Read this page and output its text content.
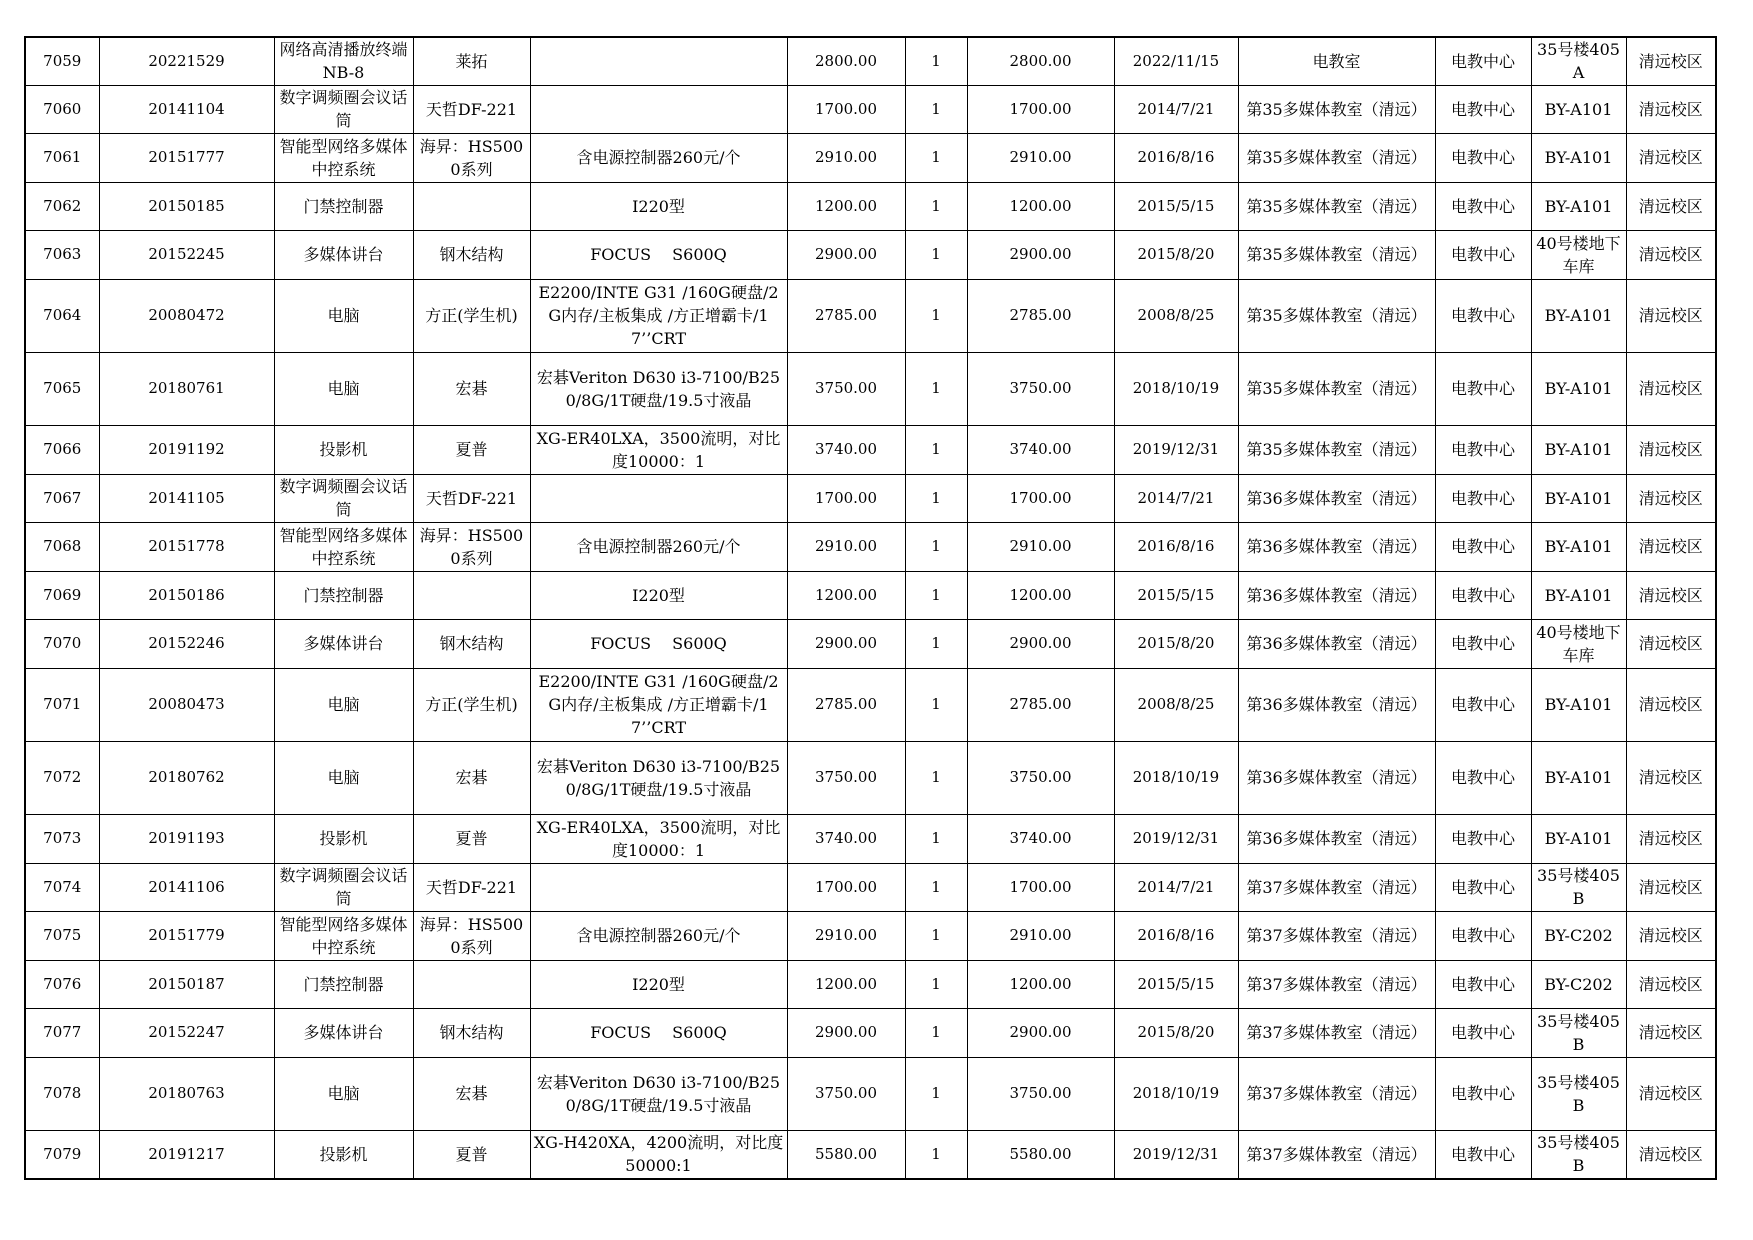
7059	20221529	网络高清播放终端NB-8	莱拓		2800.00	1	2800.00	2022/11/15	电教室	电教中心	35号楼405A	清远校区
7060	20141104	数字调频圈会议话筒	天哲DF-221		1700.00	1	1700.00	2014/7/21	第35多媒体教室（清远）	电教中心	BY-A101	清远校区
7061	20151777	智能型网络多媒体中控系统	海昇：HS5000系列	含电源控制器260元/个	2910.00	1	2910.00	2016/8/16	第35多媒体教室（清远）	电教中心	BY-A101	清远校区
7062	20150185	门禁控制器		I220型	1200.00	1	1200.00	2015/5/15	第35多媒体教室（清远）	电教中心	BY-A101	清远校区
7063	20152245	多媒体讲台	钢木结构	FOCUS　 S600Q	2900.00	1	2900.00	2015/8/20	第35多媒体教室（清远）	电教中心	40号楼地下车库	清远校区
7064	20080472	电脑	方正(学生机)	E2200/INTE G31 /160G硬盘/2G内存/主板集成 /方正增霸卡/17’’CRT	2785.00	1	2785.00	2008/8/25	第35多媒体教室（清远）	电教中心	BY-A101	清远校区
7065	20180761	电脑	宏碁	宏碁Veriton D630 i3-7100/B250/8G/1T硬盘/19.5寸液晶	3750.00	1	3750.00	2018/10/19	第35多媒体教室（清远）	电教中心	BY-A101	清远校区
7066	20191192	投影机	夏普	XG-ER40LXA，3500流明，对比度10000：1	3740.00	1	3740.00	2019/12/31	第35多媒体教室（清远）	电教中心	BY-A101	清远校区
7067	20141105	数字调频圈会议话筒	天哲DF-221		1700.00	1	1700.00	2014/7/21	第36多媒体教室（清远）	电教中心	BY-A101	清远校区
7068	20151778	智能型网络多媒体中控系统	海昇：HS5000系列	含电源控制器260元/个	2910.00	1	2910.00	2016/8/16	第36多媒体教室（清远）	电教中心	BY-A101	清远校区
7069	20150186	门禁控制器		I220型	1200.00	1	1200.00	2015/5/15	第36多媒体教室（清远）	电教中心	BY-A101	清远校区
7070	20152246	多媒体讲台	钢木结构	FOCUS　 S600Q	2900.00	1	2900.00	2015/8/20	第36多媒体教室（清远）	电教中心	40号楼地下车库	清远校区
7071	20080473	电脑	方正(学生机)	E2200/INTE G31 /160G硬盘/2G内存/主板集成 /方正增霸卡/17’’CRT	2785.00	1	2785.00	2008/8/25	第36多媒体教室（清远）	电教中心	BY-A101	清远校区
7072	20180762	电脑	宏碁	宏碁Veriton D630 i3-7100/B250/8G/1T硬盘/19.5寸液晶	3750.00	1	3750.00	2018/10/19	第36多媒体教室（清远）	电教中心	BY-A101	清远校区
7073	20191193	投影机	夏普	XG-ER40LXA，3500流明，对比度10000：1	3740.00	1	3740.00	2019/12/31	第36多媒体教室（清远）	电教中心	BY-A101	清远校区
7074	20141106	数字调频圈会议话筒	天哲DF-221		1700.00	1	1700.00	2014/7/21	第37多媒体教室（清远）	电教中心	35号楼405B	清远校区
7075	20151779	智能型网络多媒体中控系统	海昇：HS5000系列	含电源控制器260元/个	2910.00	1	2910.00	2016/8/16	第37多媒体教室（清远）	电教中心	BY-C202	清远校区
7076	20150187	门禁控制器		I220型	1200.00	1	1200.00	2015/5/15	第37多媒体教室（清远）	电教中心	BY-C202	清远校区
7077	20152247	多媒体讲台	钢木结构	FOCUS　 S600Q	2900.00	1	2900.00	2015/8/20	第37多媒体教室（清远）	电教中心	35号楼405B	清远校区
7078	20180763	电脑	宏碁	宏碁Veriton D630 i3-7100/B250/8G/1T硬盘/19.5寸液晶	3750.00	1	3750.00	2018/10/19	第37多媒体教室（清远）	电教中心	35号楼405B	清远校区
7079	20191217	投影机	夏普	XG-H420XA，4200流明，对比度50000:1	5580.00	1	5580.00	2019/12/31	第37多媒体教室（清远）	电教中心	35号楼405B	清远校区
